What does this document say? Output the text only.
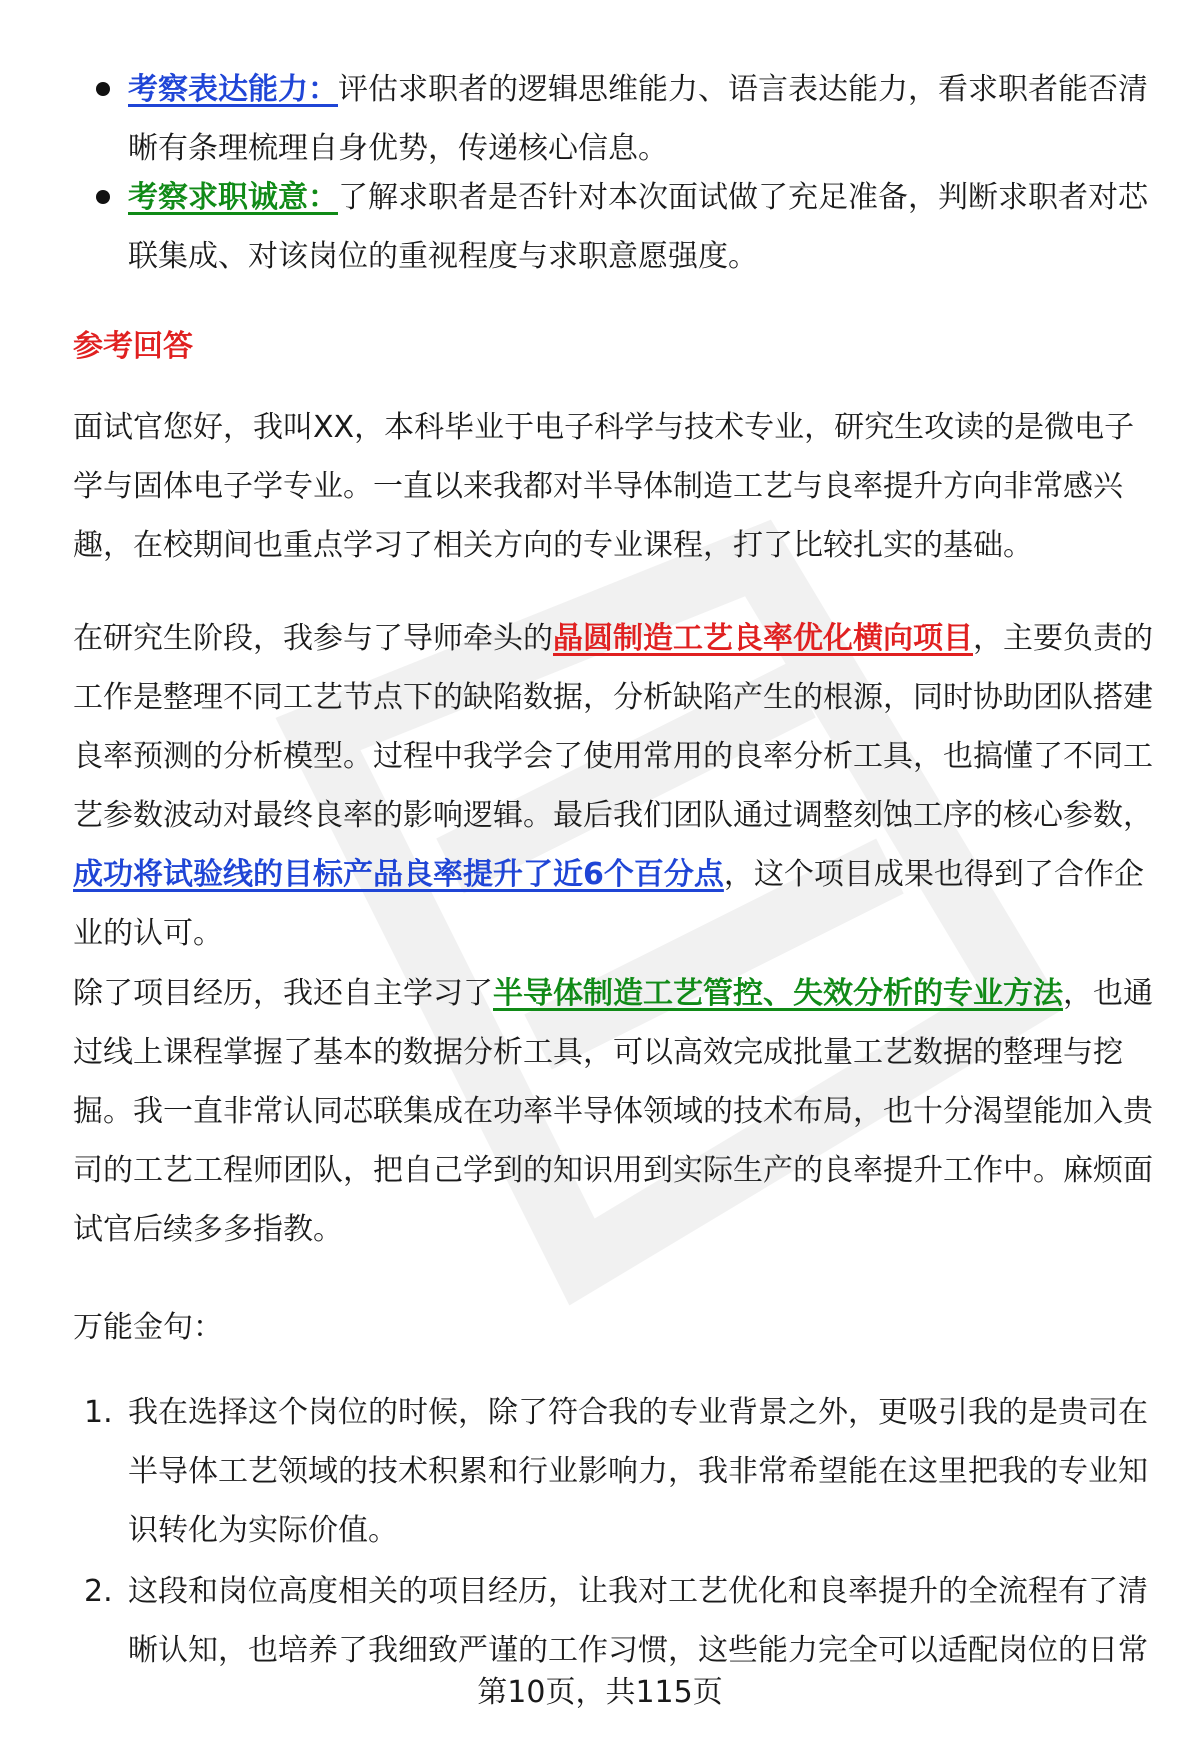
考察表达能力：评估求职者的逻辑思维能力、语言表达能力，看求职者能否清晰有条理梳理自身优势，传递核心信息。
考察求职诚意：了解求职者是否针对本次面试做了充足准备，判断求职者对芯联集成、对该岗位的重视程度与求职意愿强度。
参考回答
面试官您好，我叫XX，本科毕业于电子科学与技术专业，研究生攻读的是微电子学与固体电子学专业。一直以来我都对半导体制造工艺与良率提升方向非常感兴趣，在校期间也重点学习了相关方向的专业课程，打了比较扎实的基础。
在研究生阶段，我参与了导师牵头的晶圆制造工艺良率优化横向项目，主要负责的工作是整理不同工艺节点下的缺陷数据，分析缺陷产生的根源，同时协助团队搭建良率预测的分析模型。过程中我学会了使用常用的良率分析工具，也搞懂了不同工艺参数波动对最终良率的影响逻辑。最后我们团队通过调整刻蚀工序的核心参数，成功将试验线的目标产品良率提升了近6个百分点，这个项目成果也得到了合作企业的认可。
除了项目经历，我还自主学习了半导体制造工艺管控、失效分析的专业方法，也通过线上课程掌握了基本的数据分析工具，可以高效完成批量工艺数据的整理与挖掘。我一直非常认同芯联集成在功率半导体领域的技术布局，也十分渴望能加入贵司的工艺工程师团队，把自己学到的知识用到实际生产的良率提升工作中。麻烦面试官后续多多指教。
万能金句：
1. 我在选择这个岗位的时候，除了符合我的专业背景之外，更吸引我的是贵司在半导体工艺领域的技术积累和行业影响力，我非常希望能在这里把我的专业知识转化为实际价值。
2. 这段和岗位高度相关的项目经历，让我对工艺优化和良率提升的全流程有了清晰认知，也培养了我细致严谨的工作习惯，这些能力完全可以适配岗位的日常
第10页，共115页
